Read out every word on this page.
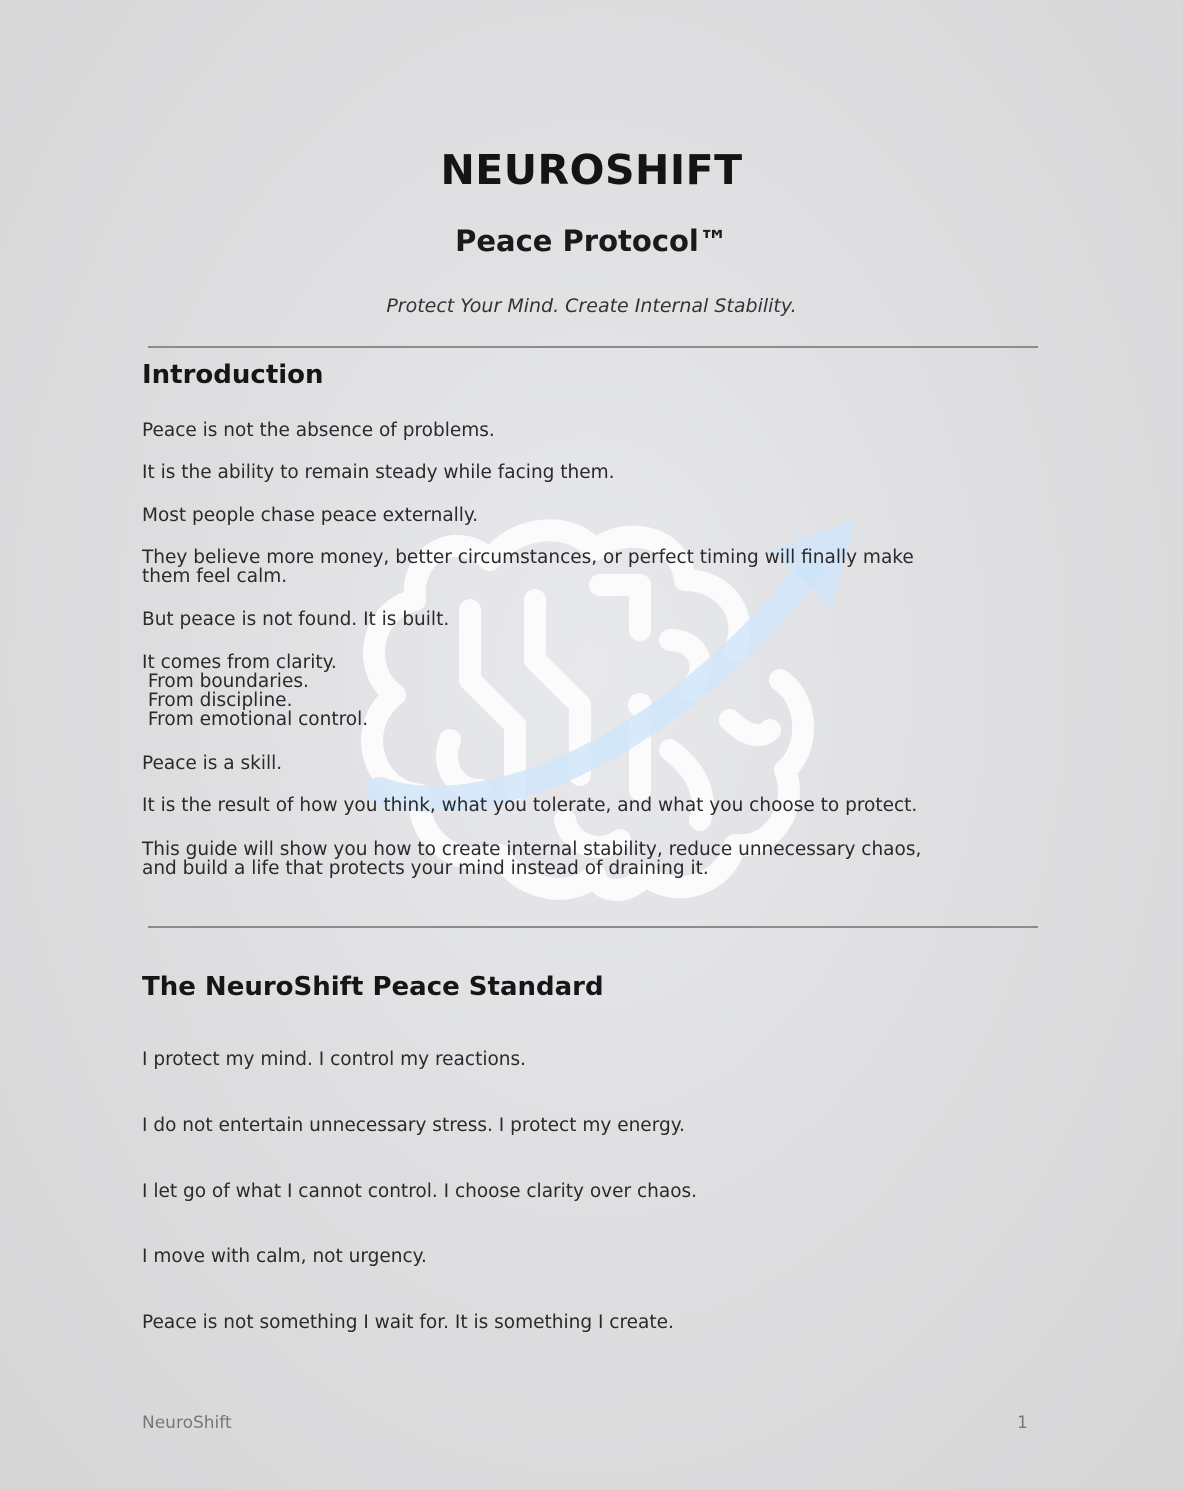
NEUROSHIFT
Peace Protocol™
Protect Your Mind. Create Internal Stability.
Introduction

Peace is not the absence of problems.

It is the ability to remain steady while facing them.

Most people chase peace externally.

They believe more money, better circumstances, or perfect timing will finally make
them feel calm.

But peace is not found. It is built.

It comes from clarity.
From boundaries.
From discipline.
From emotional control.

Peace is a skill.

It is the result of how you think, what you tolerate, and what you choose to protect.

This guide will show you how to create internal stability, reduce unnecessary chaos,
and build a life that protects your mind instead of draining it.

The NeuroShift Peace Standard

I protect my mind. I control my reactions.

I do not entertain unnecessary stress. I protect my energy.

I let go of what I cannot control. I choose clarity over chaos.

I move with calm, not urgency.

Peace is not something I wait for. It is something I create.

NeuroShift	1
